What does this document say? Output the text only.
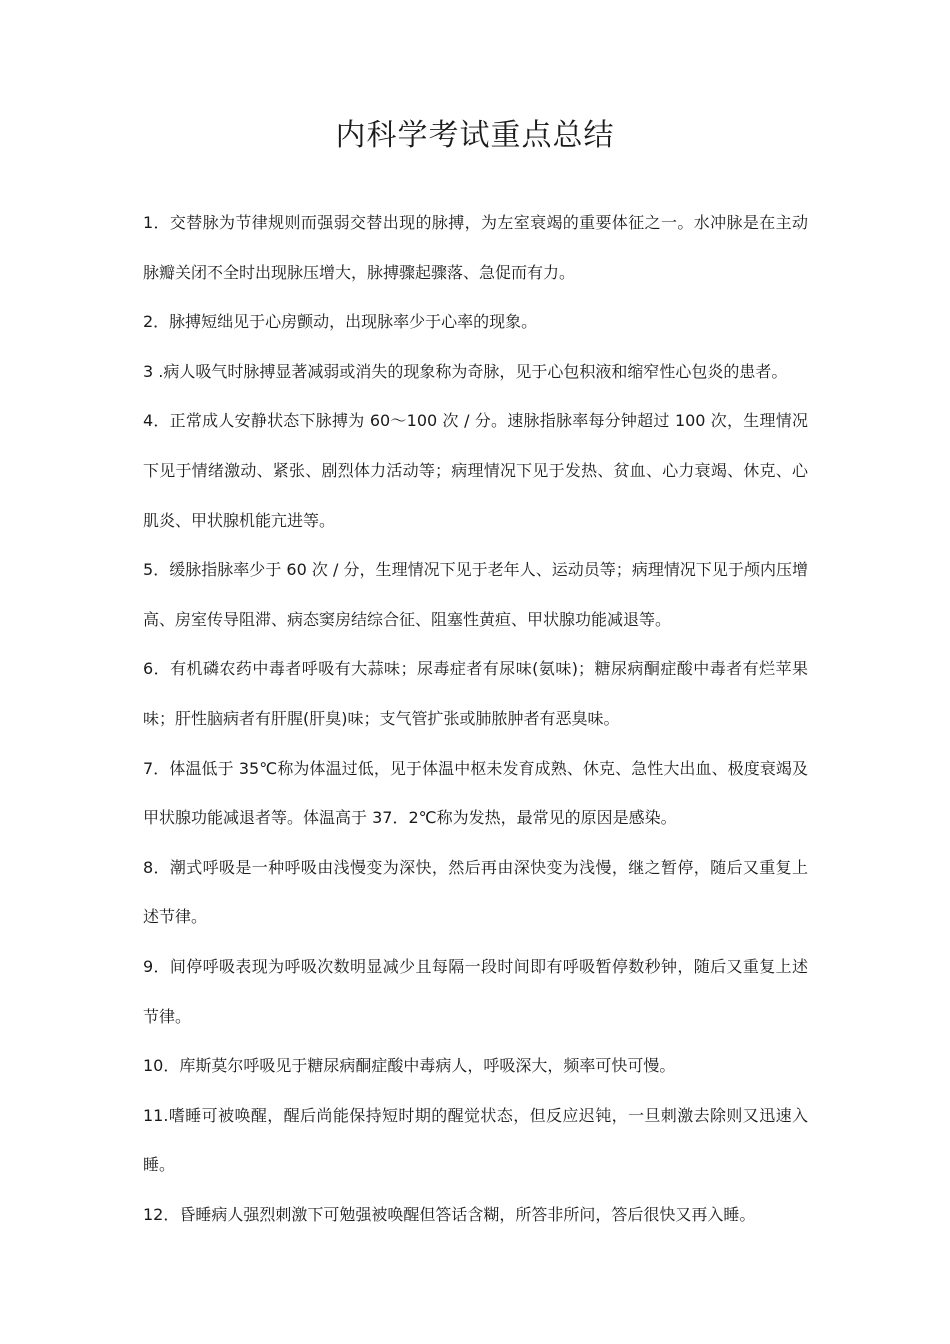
内科学考试重点总结

1．交替脉为节律规则而强弱交替出现的脉搏，为左室衰竭的重要体征之一。水冲脉是在主动脉瓣关闭不全时出现脉压增大，脉搏骤起骤落、急促而有力。

2．脉搏短绌见于心房颤动，出现脉率少于心率的现象。

3 .病人吸气时脉搏显著减弱或消失的现象称为奇脉，见于心包积液和缩窄性心包炎的患者。

4．正常成人安静状态下脉搏为 60～100 次 / 分。速脉指脉率每分钟超过 100 次，生理情况下见于情绪激动、紧张、剧烈体力活动等；病理情况下见于发热、贫血、心力衰竭、休克、心肌炎、甲状腺机能亢进等。

5．缓脉指脉率少于 60 次 / 分，生理情况下见于老年人、运动员等；病理情况下见于颅内压增高、房室传导阻滞、病态窦房结综合征、阻塞性黄疸、甲状腺功能减退等。

6．有机磷农药中毒者呼吸有大蒜味；尿毒症者有尿味(氨味)；糖尿病酮症酸中毒者有烂苹果味；肝性脑病者有肝腥(肝臭)味；支气管扩张或肺脓肿者有恶臭味。

7．体温低于 35℃称为体温过低，见于体温中枢未发育成熟、休克、急性大出血、极度衰竭及甲状腺功能减退者等。体温高于 37．2℃称为发热，最常见的原因是感染。

8．潮式呼吸是一种呼吸由浅慢变为深快，然后再由深快变为浅慢，继之暂停，随后又重复上述节律。

9．间停呼吸表现为呼吸次数明显减少且每隔一段时间即有呼吸暂停数秒钟，随后又重复上述节律。

10．库斯莫尔呼吸见于糖尿病酮症酸中毒病人，呼吸深大，频率可快可慢。

11.嗜睡可被唤醒，醒后尚能保持短时期的醒觉状态，但反应迟钝，一旦刺激去除则又迅速入睡。

12．昏睡病人强烈刺激下可勉强被唤醒但答话含糊，所答非所问，答后很快又再入睡。
